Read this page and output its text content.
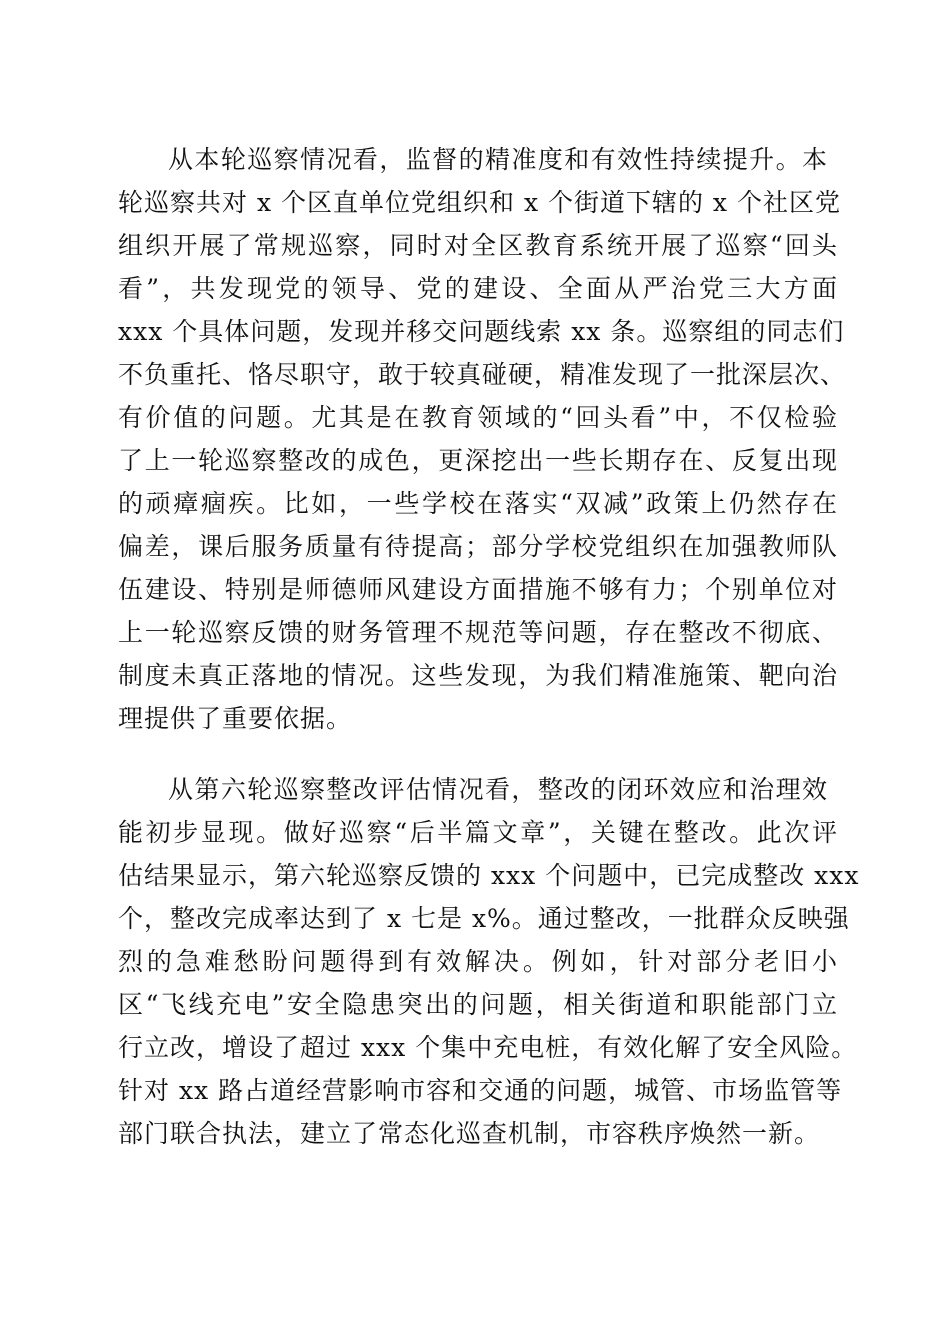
从本轮巡察情况看，监督的精准度和有效性持续提升。本
轮巡察共对 x 个区直单位党组织和 x 个街道下辖的 x 个社区党
组织开展了常规巡察，同时对全区教育系统开展了巡察“回头
看”，共发现党的领导、党的建设、全面从严治党三大方面
xxx 个具体问题，发现并移交问题线索 xx 条。巡察组的同志们
不负重托、恪尽职守，敢于较真碰硬，精准发现了一批深层次、
有价值的问题。尤其是在教育领域的“回头看”中，不仅检验
了上一轮巡察整改的成色，更深挖出一些长期存在、反复出现
的顽瘴痼疾。比如，一些学校在落实“双减”政策上仍然存在
偏差，课后服务质量有待提高；部分学校党组织在加强教师队
伍建设、特别是师德师风建设方面措施不够有力；个别单位对
上一轮巡察反馈的财务管理不规范等问题，存在整改不彻底、
制度未真正落地的情况。这些发现，为我们精准施策、靶向治
理提供了重要依据。
从第六轮巡察整改评估情况看，整改的闭环效应和治理效
能初步显现。做好巡察“后半篇文章”，关键在整改。此次评
估结果显示，第六轮巡察反馈的 xxx 个问题中，已完成整改 xxx
个，整改完成率达到了 x 七是 x%。通过整改，一批群众反映强
烈的急难愁盼问题得到有效解决。例如，针对部分老旧小
区“飞线充电”安全隐患突出的问题，相关街道和职能部门立
行立改，增设了超过 xxx 个集中充电桩，有效化解了安全风险。
针对 xx 路占道经营影响市容和交通的问题，城管、市场监管等
部门联合执法，建立了常态化巡查机制，市容秩序焕然一新。
